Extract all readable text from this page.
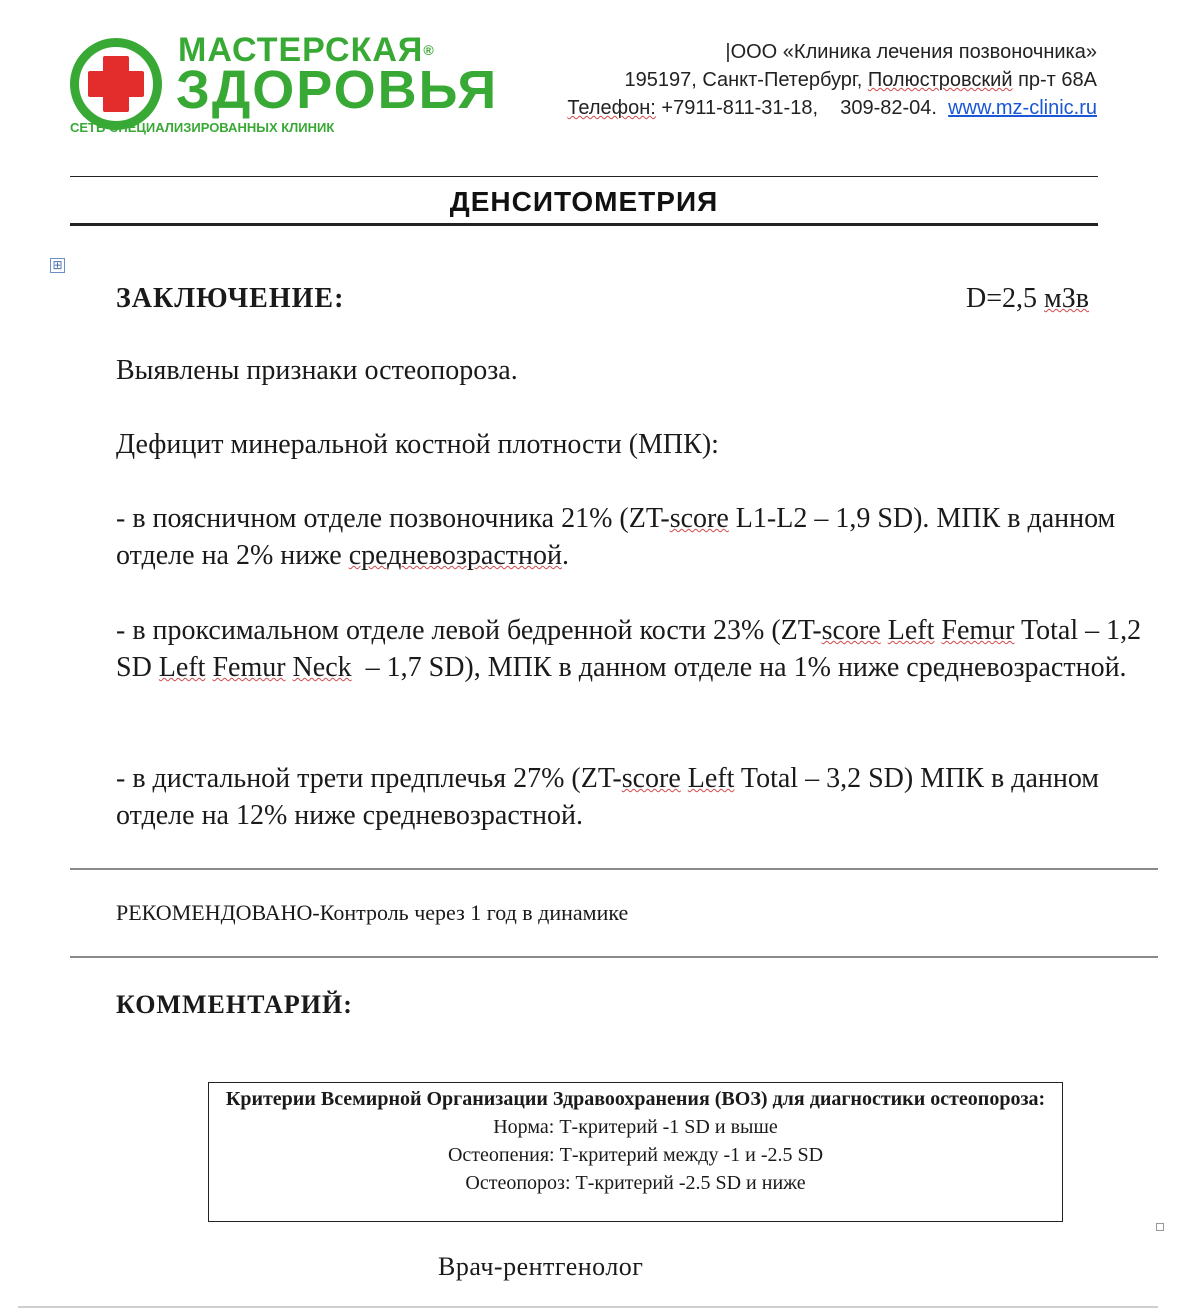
МАСТЕРСКАЯ®
ЗДОРОВЬЯ
СЕТЬ СПЕЦИАЛИЗИРОВАННЫХ КЛИНИК
|ООО «Клиника лечения позвоночника»
195197, Санкт-Петербург, Полюстровский пр-т 68А
Телефон: +7911-811-31-18,    309-82-04.  www.mz-clinic.ru
ДЕНСИТОМЕТРИЯ
⊞
ЗАКЛЮЧЕНИЕ:	D=2,5 мЗв
Выявлены признаки остеопороза.
Дефицит минеральной костной плотности (МПК):
- в поясничном отделе позвоночника 21% (ZT-score L1-L2 – 1,9 SD). МПК в данном отделе на 2% ниже средневозрастной.
- в проксимальном отделе левой бедренной кости 23% (ZT-score Left Femur Total – 1,2 SD Left Femur Neck  – 1,7 SD), МПК в данном отделе на 1% ниже средневозрастной.
- в дистальной трети предплечья 27% (ZT-score Left Total – 3,2 SD) МПК в данном отделе на 12% ниже средневозрастной.
РЕКОМЕНДОВАНО-Контроль через 1 год в динамике
КОММЕНТАРИЙ:
Критерии Всемирной Организации Здравоохранения (ВОЗ) для диагностики остеопороза:
Норма: Т-критерий -1 SD и выше
Остеопения: Т-критерий между -1 и -2.5 SD
Остеопороз: Т-критерий -2.5 SD и ниже
Врач-рентгенолог
